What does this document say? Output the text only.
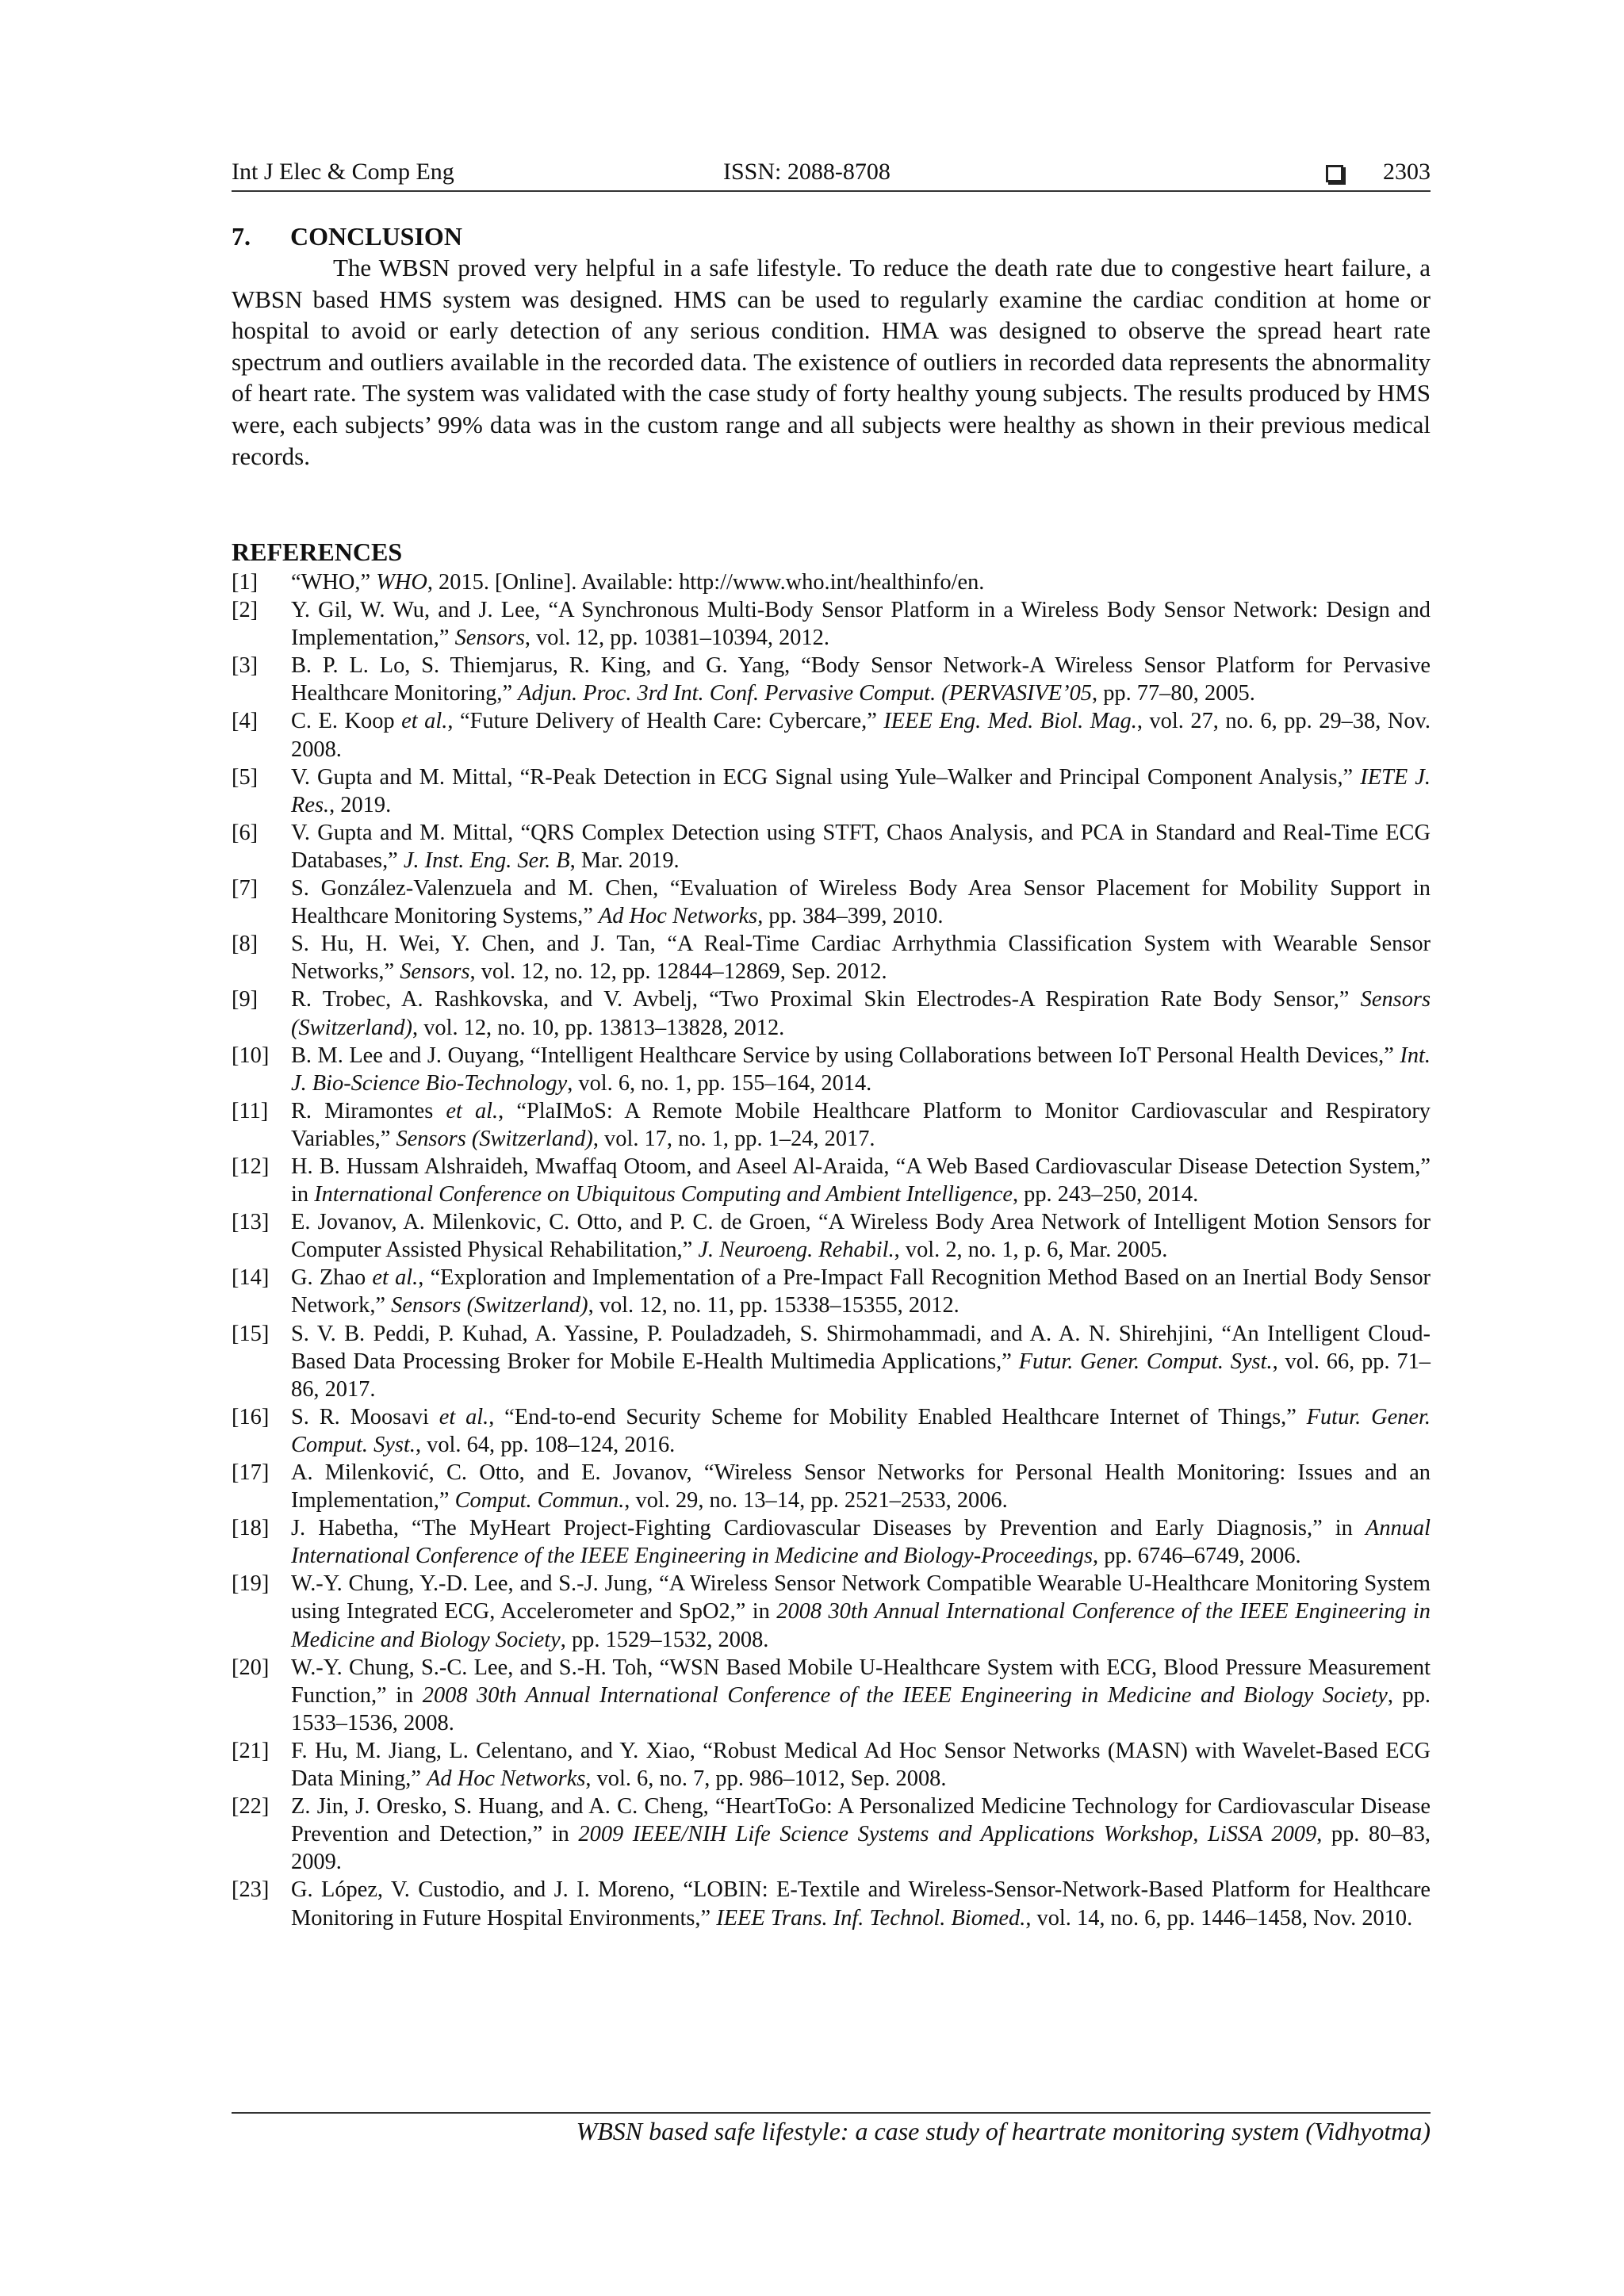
Int J Elec & Comp Eng	ISSN: 2088-8708	2303
7. CONCLUSION

The WBSN proved very helpful in a safe lifestyle. To reduce the death rate due to congestive heart failure, a WBSN based HMS system was designed. HMS can be used to regularly examine the cardiac condition at home or hospital to avoid or early detection of any serious condition. HMA was designed to observe the spread heart rate spectrum and outliers available in the recorded data. The existence of outliers in recorded data represents the abnormality of heart rate. The system was validated with the case study of forty healthy young subjects. The results produced by HMS were, each subjects’ 99% data was in the custom range and all subjects were healthy as shown in their previous medical records.

REFERENCES
[1] “WHO,” WHO, 2015. [Online]. Available: http://www.who.int/healthinfo/en.
[2] Y. Gil, W. Wu, and J. Lee, “A Synchronous Multi-Body Sensor Platform in a Wireless Body Sensor Network: Design and Implementation,” Sensors, vol. 12, pp. 10381–10394, 2012.
[3] B. P. L. Lo, S. Thiemjarus, R. King, and G. Yang, “Body Sensor Network-A Wireless Sensor Platform for Pervasive Healthcare Monitoring,” Adjun. Proc. 3rd Int. Conf. Pervasive Comput. (PERVASIVE’05, pp. 77–80, 2005.
[4] C. E. Koop et al., “Future Delivery of Health Care: Cybercare,” IEEE Eng. Med. Biol. Mag., vol. 27, no. 6, pp. 29–38, Nov. 2008.
[5] V. Gupta and M. Mittal, “R-Peak Detection in ECG Signal using Yule–Walker and Principal Component Analysis,” IETE J. Res., 2019.
[6] V. Gupta and M. Mittal, “QRS Complex Detection using STFT, Chaos Analysis, and PCA in Standard and Real-Time ECG Databases,” J. Inst. Eng. Ser. B, Mar. 2019.
[7] S. González-Valenzuela and M. Chen, “Evaluation of Wireless Body Area Sensor Placement for Mobility Support in Healthcare Monitoring Systems,” Ad Hoc Networks, pp. 384–399, 2010.
[8] S. Hu, H. Wei, Y. Chen, and J. Tan, “A Real-Time Cardiac Arrhythmia Classification System with Wearable Sensor Networks,” Sensors, vol. 12, no. 12, pp. 12844–12869, Sep. 2012.
[9] R. Trobec, A. Rashkovska, and V. Avbelj, “Two Proximal Skin Electrodes-A Respiration Rate Body Sensor,” Sensors (Switzerland), vol. 12, no. 10, pp. 13813–13828, 2012.
[10] B. M. Lee and J. Ouyang, “Intelligent Healthcare Service by using Collaborations between IoT Personal Health Devices,” Int. J. Bio-Science Bio-Technology, vol. 6, no. 1, pp. 155–164, 2014.
[11] R. Miramontes et al., “PlaIMoS: A Remote Mobile Healthcare Platform to Monitor Cardiovascular and Respiratory Variables,” Sensors (Switzerland), vol. 17, no. 1, pp. 1–24, 2017.
[12] H. B. Hussam Alshraideh, Mwaffaq Otoom, and Aseel Al-Araida, “A Web Based Cardiovascular Disease Detection System,” in International Conference on Ubiquitous Computing and Ambient Intelligence, pp. 243–250, 2014.
[13] E. Jovanov, A. Milenkovic, C. Otto, and P. C. de Groen, “A Wireless Body Area Network of Intelligent Motion Sensors for Computer Assisted Physical Rehabilitation,” J. Neuroeng. Rehabil., vol. 2, no. 1, p. 6, Mar. 2005.
[14] G. Zhao et al., “Exploration and Implementation of a Pre-Impact Fall Recognition Method Based on an Inertial Body Sensor Network,” Sensors (Switzerland), vol. 12, no. 11, pp. 15338–15355, 2012.
[15] S. V. B. Peddi, P. Kuhad, A. Yassine, P. Pouladzadeh, S. Shirmohammadi, and A. A. N. Shirehjini, “An Intelligent Cloud-Based Data Processing Broker for Mobile E-Health Multimedia Applications,” Futur. Gener. Comput. Syst., vol. 66, pp. 71–86, 2017.
[16] S. R. Moosavi et al., “End-to-end Security Scheme for Mobility Enabled Healthcare Internet of Things,” Futur. Gener. Comput. Syst., vol. 64, pp. 108–124, 2016.
[17] A. Milenković, C. Otto, and E. Jovanov, “Wireless Sensor Networks for Personal Health Monitoring: Issues and an Implementation,” Comput. Commun., vol. 29, no. 13–14, pp. 2521–2533, 2006.
[18] J. Habetha, “The MyHeart Project-Fighting Cardiovascular Diseases by Prevention and Early Diagnosis,” in Annual International Conference of the IEEE Engineering in Medicine and Biology-Proceedings, pp. 6746–6749, 2006.
[19] W.-Y. Chung, Y.-D. Lee, and S.-J. Jung, “A Wireless Sensor Network Compatible Wearable U-Healthcare Monitoring System using Integrated ECG, Accelerometer and SpO2,” in 2008 30th Annual International Conference of the IEEE Engineering in Medicine and Biology Society, pp. 1529–1532, 2008.
[20] W.-Y. Chung, S.-C. Lee, and S.-H. Toh, “WSN Based Mobile U-Healthcare System with ECG, Blood Pressure Measurement Function,” in 2008 30th Annual International Conference of the IEEE Engineering in Medicine and Biology Society, pp. 1533–1536, 2008.
[21] F. Hu, M. Jiang, L. Celentano, and Y. Xiao, “Robust Medical Ad Hoc Sensor Networks (MASN) with Wavelet-Based ECG Data Mining,” Ad Hoc Networks, vol. 6, no. 7, pp. 986–1012, Sep. 2008.
[22] Z. Jin, J. Oresko, S. Huang, and A. C. Cheng, “HeartToGo: A Personalized Medicine Technology for Cardiovascular Disease Prevention and Detection,” in 2009 IEEE/NIH Life Science Systems and Applications Workshop, LiSSA 2009, pp. 80–83, 2009.
[23] G. López, V. Custodio, and J. I. Moreno, “LOBIN: E-Textile and Wireless-Sensor-Network-Based Platform for Healthcare Monitoring in Future Hospital Environments,” IEEE Trans. Inf. Technol. Biomed., vol. 14, no. 6, pp. 1446–1458, Nov. 2010.
WBSN based safe lifestyle: a case study of heartrate monitoring system (Vidhyotma)
